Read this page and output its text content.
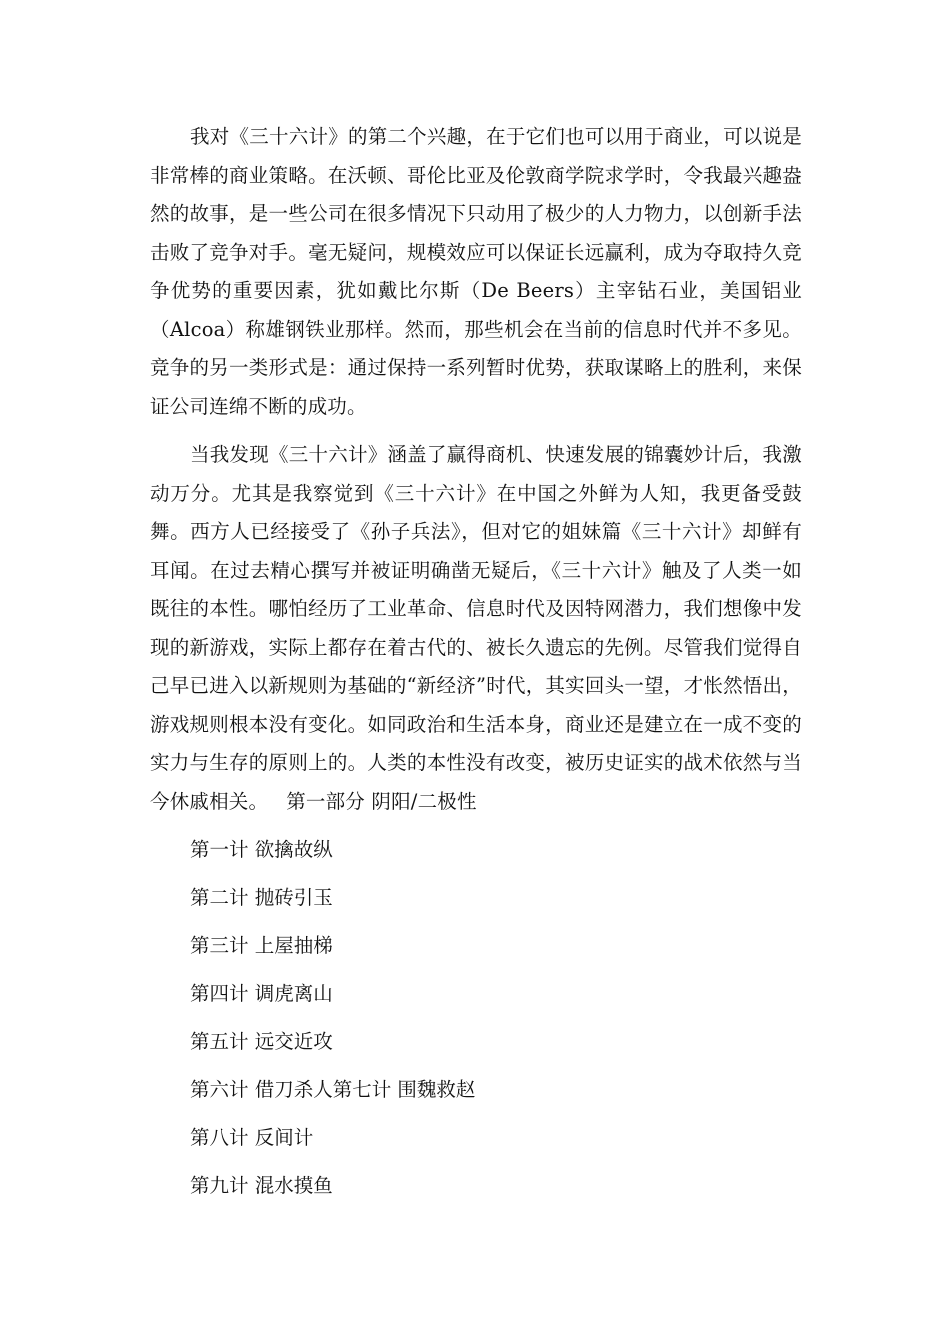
我对《三十六计》的第二个兴趣，在于它们也可以用于商业，可以说是非常棒的商业策略。在沃顿、哥伦比亚及伦敦商学院求学时，令我最兴趣盎然的故事，是一些公司在很多情况下只动用了极少的人力物力，以创新手法击败了竞争对手。毫无疑问，规模效应可以保证长远赢利，成为夺取持久竞争优势的重要因素，犹如戴比尔斯（De Beers）主宰钻石业，美国铝业（Alcoa）称雄钢铁业那样。然而，那些机会在当前的信息时代并不多见。竞争的另一类形式是：通过保持一系列暂时优势，获取谋略上的胜利，来保证公司连绵不断的成功。

当我发现《三十六计》涵盖了赢得商机、快速发展的锦囊妙计后，我激动万分。尤其是我察觉到《三十六计》在中国之外鲜为人知，我更备受鼓舞。西方人已经接受了《孙子兵法》，但对它的姐妹篇《三十六计》却鲜有耳闻。在过去精心撰写并被证明确凿无疑后，《三十六计》触及了人类一如既往的本性。哪怕经历了工业革命、信息时代及因特网潜力，我们想像中发现的新游戏，实际上都存在着古代的、被长久遗忘的先例。尽管我们觉得自己早已进入以新规则为基础的“新经济”时代，其实回头一望，才怅然悟出，游戏规则根本没有变化。如同政治和生活本身，商业还是建立在一成不变的实力与生存的原则上的。人类的本性没有改变，被历史证实的战术依然与当今休戚相关。 第一部分 阴阳/二极性

第一计 欲擒故纵
第二计 抛砖引玉
第三计 上屋抽梯
第四计 调虎离山
第五计 远交近攻
第六计 借刀杀人第七计 围魏救赵
第八计 反间计
第九计 混水摸鱼
